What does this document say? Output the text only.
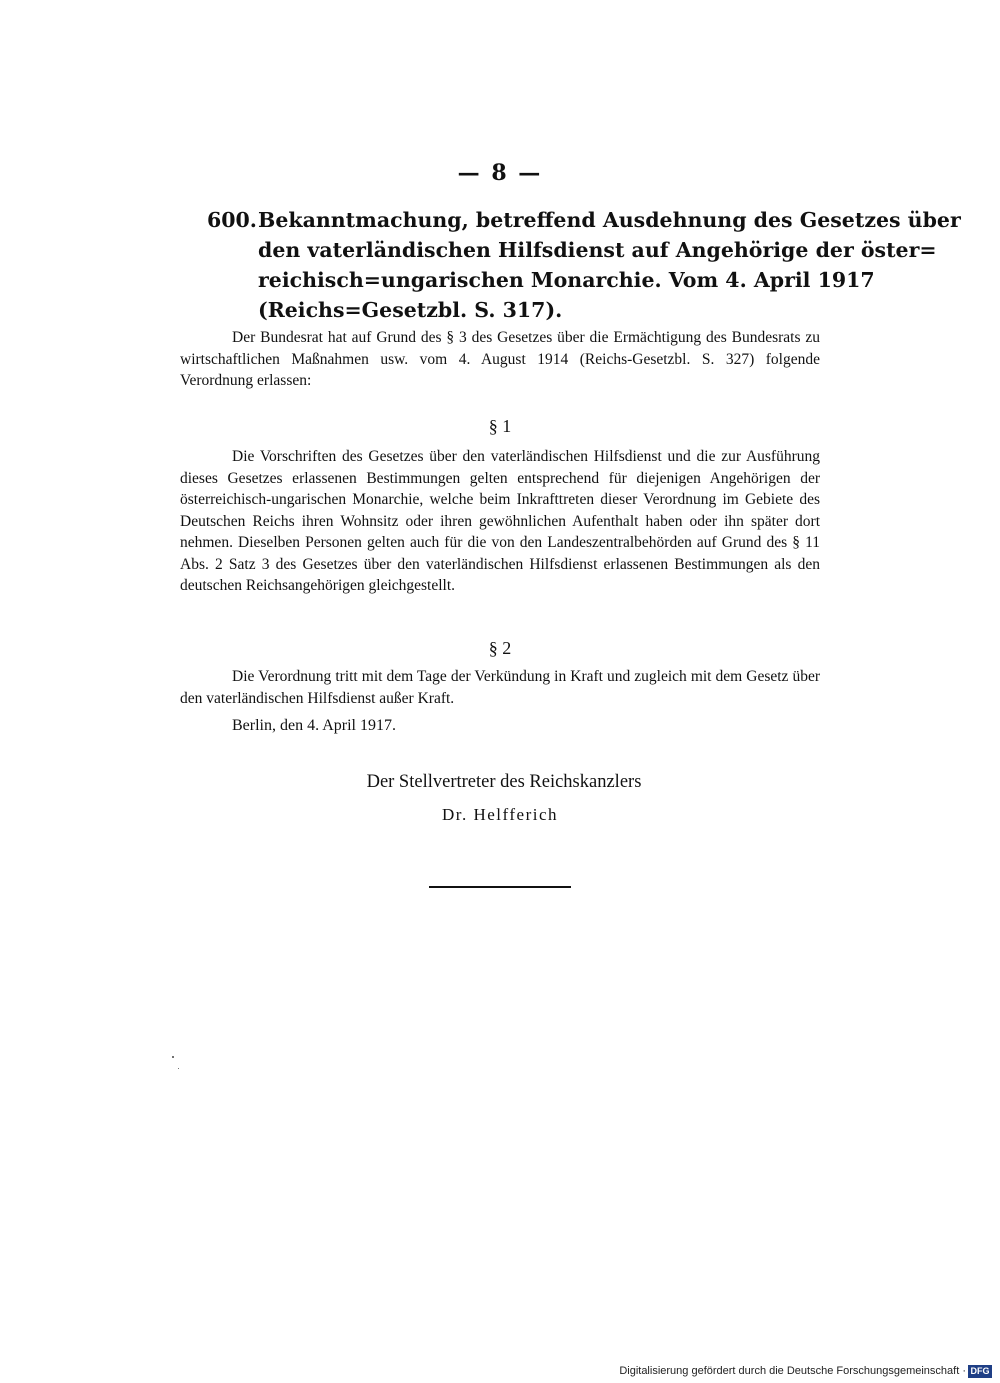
— 8 —
600. Bekanntmachung, betreffend Ausdehnung des Gesetzes über
den vaterländischen Hilfsdienst auf Angehörige der öster=
reichisch=ungarischen Monarchie. Vom 4. April 1917
(Reichs=Gesetzbl. S. 317).
Der Bundesrat hat auf Grund des § 3 des Gesetzes über die Ermächtigung des Bundesrats zu wirtschaftlichen Maßnahmen usw. vom 4. August 1914 (Reichs-Gesetzbl. S. 327) folgende Verordnung erlassen:
§ 1
Die Vorschriften des Gesetzes über den vaterländischen Hilfsdienst und die zur Ausführung dieses Gesetzes erlassenen Bestimmungen gelten entsprechend für diejenigen Angehörigen der österreichisch-ungarischen Monarchie, welche beim Inkrafttreten dieser Verordnung im Gebiete des Deutschen Reichs ihren Wohnsitz oder ihren gewöhnlichen Aufenthalt haben oder ihn später dort nehmen. Dieselben Personen gelten auch für die von den Landeszentralbehörden auf Grund des § 11 Abs. 2 Satz 3 des Gesetzes über den vaterländischen Hilfsdienst erlassenen Bestimmungen als den deutschen Reichsangehörigen gleichgestellt.
§ 2
Die Verordnung tritt mit dem Tage der Verkündung in Kraft und zugleich mit dem Gesetz über den vaterländischen Hilfsdienst außer Kraft.
Berlin, den 4. April 1917.
Der Stellvertreter des Reichskanzlers
Dr. Helfferich
Digitalisierung gefördert durch die Deutsche Forschungsgemeinschaft · DFG
